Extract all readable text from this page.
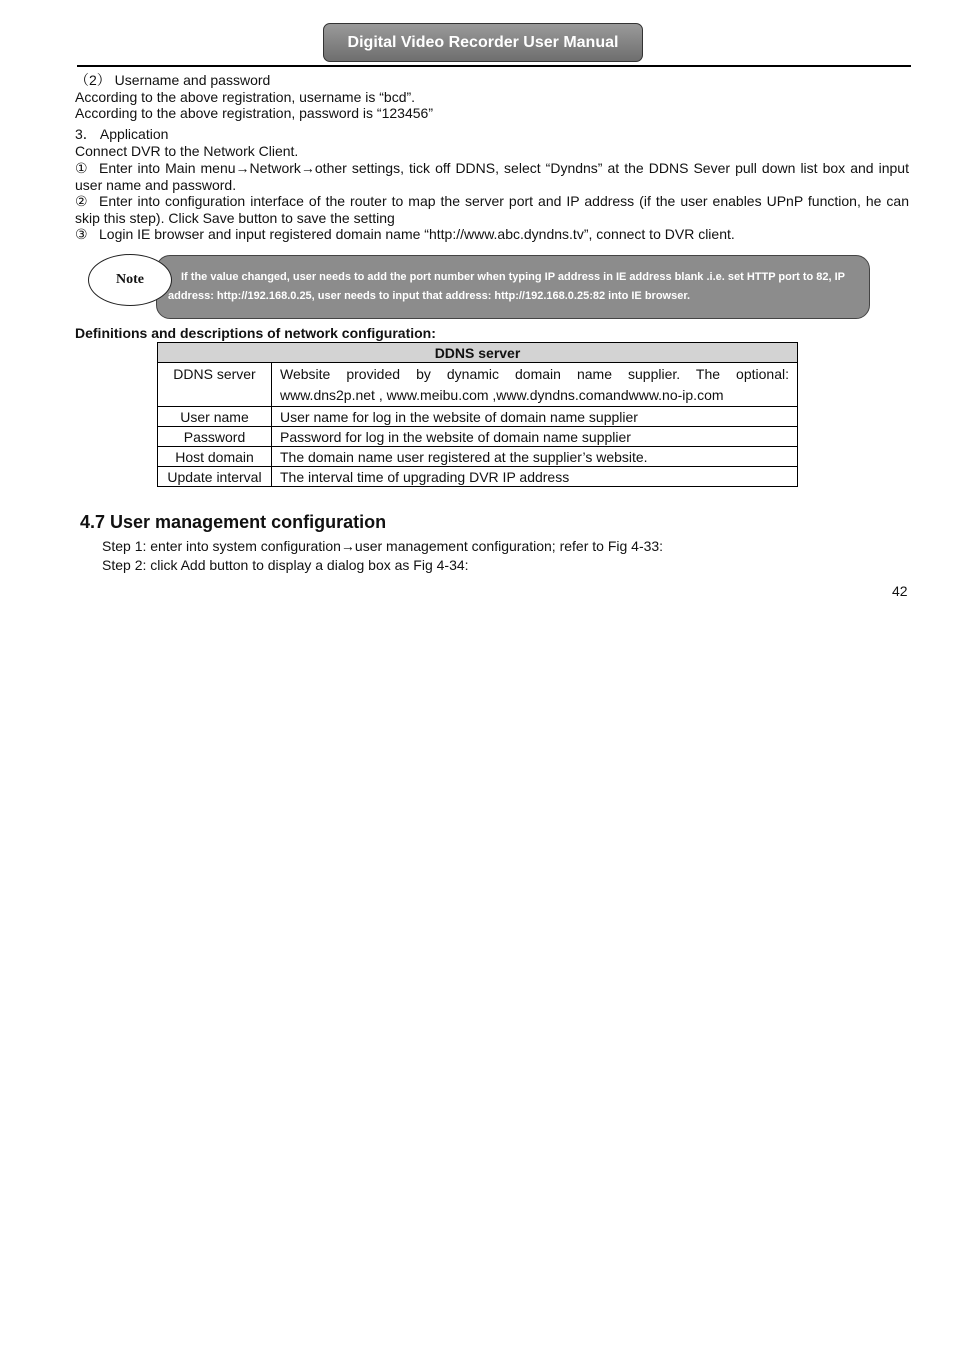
Digital Video Recorder User Manual
（2） Username and password
According to the above registration, username is “bcd”.
According to the above registration, password is “123456”
3． Application
Connect DVR to the Network Client.
① Enter into Main menu→Network→other settings, tick off DDNS, select “Dyndns” at the DDNS Sever pull down list box and input user name and password.
② Enter into configuration interface of the router to map the server port and IP address (if the user enables UPnP function, he can skip this step). Click Save button to save the setting
③ Login IE browser and input registered domain name “http://www.abc.dyndns.tv”, connect to DVR client.
If the value changed, user needs to add the port number when typing IP address in IE address blank .i.e. set HTTP port to 82, IP address: http://192.168.0.25, user needs to input that address: http://192.168.0.25:82 into IE browser.
Note
Definitions and descriptions of network configuration:
DDNS server	
DDNS server	Website provided by dynamic domain name supplier. The optional:
www.dns2p.net , www.meibu.com ,www.dyndns.comandwww.no-ip.com
User name	User name for log in the website of domain name supplier
Password	Password for log in the website of domain name supplier
Host domain	The domain name user registered at the supplier’s website.
Update interval	The interval time of upgrading DVR IP address
4.7 User management configuration
Step 1: enter into system configuration→user management configuration; refer to Fig 4-33:
Step 2: click Add button to display a dialog box as Fig 4-34:
42
